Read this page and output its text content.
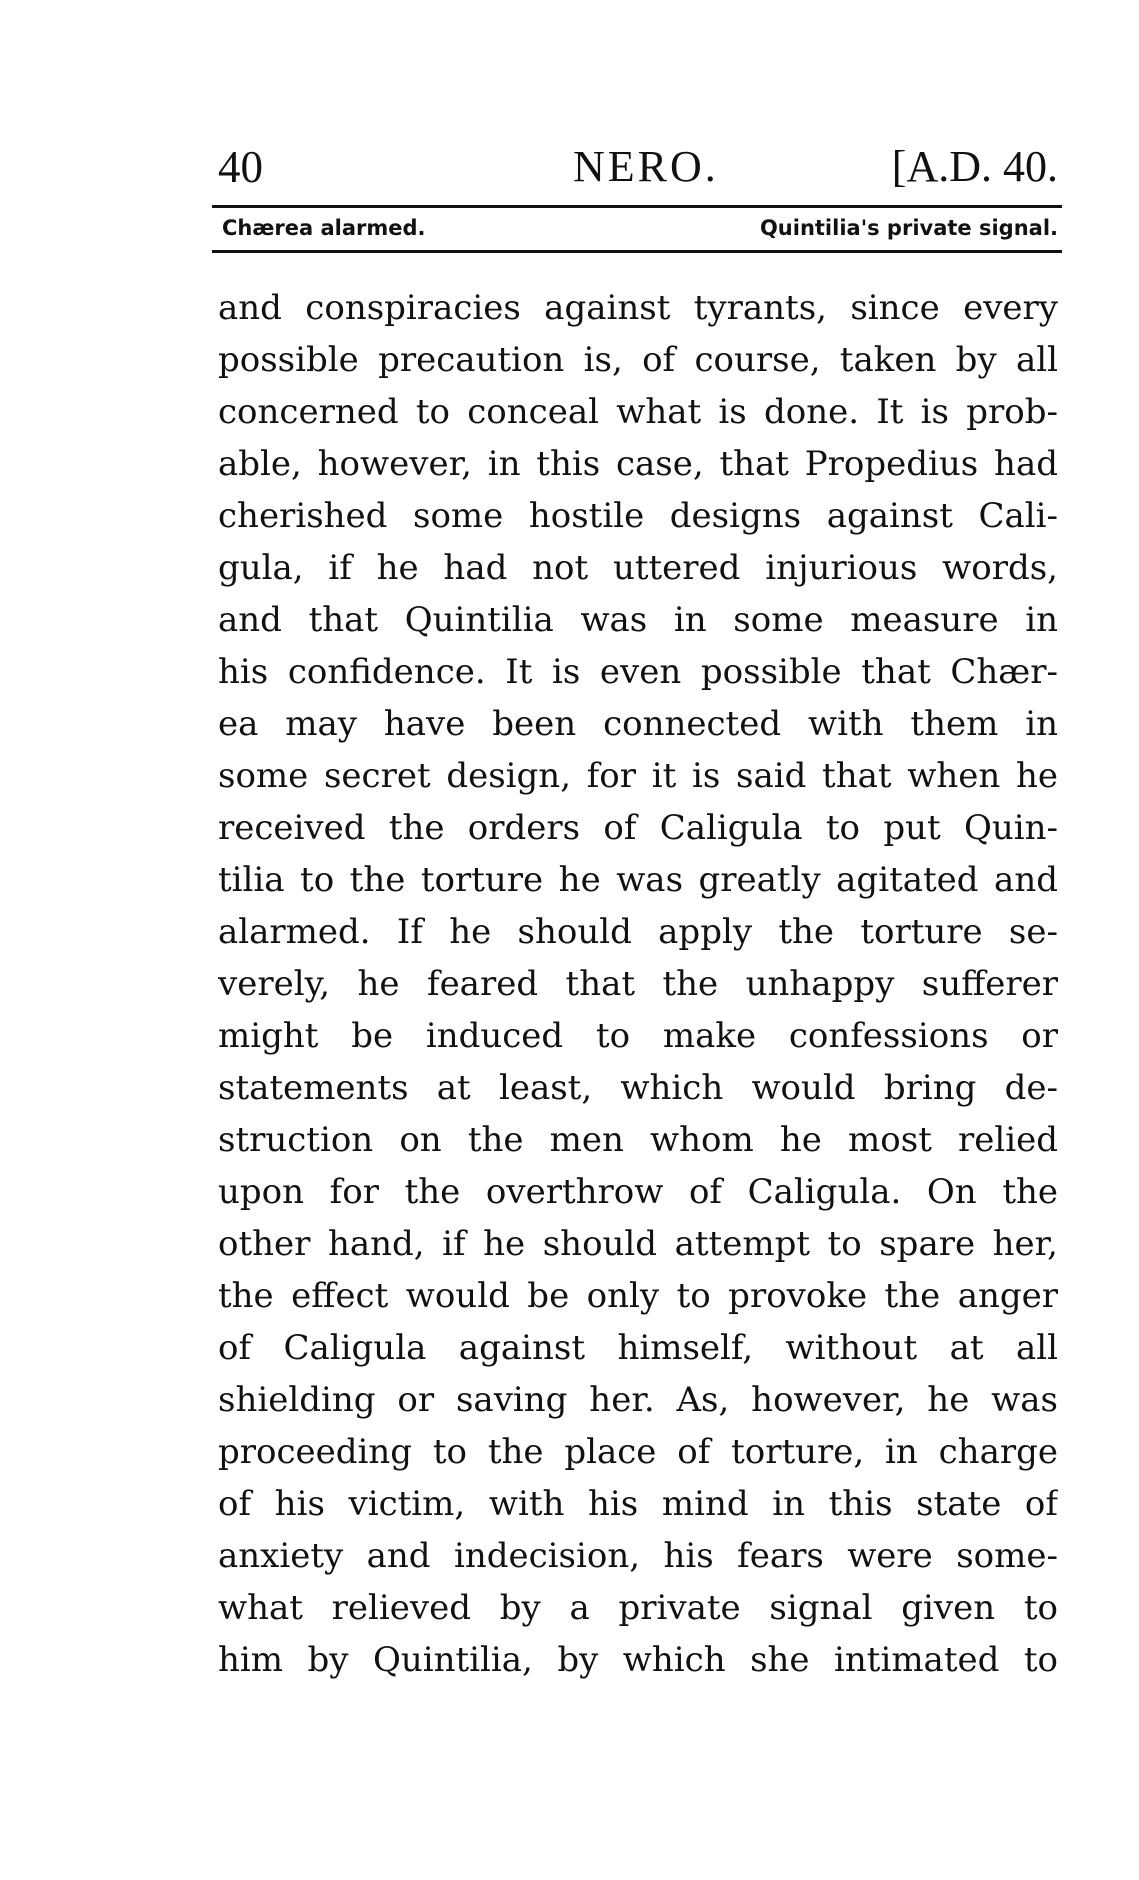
40	NERO.	[A.D. 40.
Chærea alarmed.	Quintilia's private signal.
and conspiracies against tyrants, since every
possible precaution is, of course, taken by all
concerned to conceal what is done. It is prob-
able, however, in this case, that Propedius had
cherished some hostile designs against Cali-
gula, if he had not uttered injurious words,
and that Quintilia was in some measure in
his confidence. It is even possible that Chær-
ea may have been connected with them in
some secret design, for it is said that when he
received the orders of Caligula to put Quin-
tilia to the torture he was greatly agitated and
alarmed. If he should apply the torture se-
verely, he feared that the unhappy sufferer
might be induced to make confessions or
statements at least, which would bring de-
struction on the men whom he most relied
upon for the overthrow of Caligula. On the
other hand, if he should attempt to spare her,
the effect would be only to provoke the anger
of Caligula against himself, without at all
shielding or saving her. As, however, he was
proceeding to the place of torture, in charge
of his victim, with his mind in this state of
anxiety and indecision, his fears were some-
what relieved by a private signal given to
him by Quintilia, by which she intimated to
